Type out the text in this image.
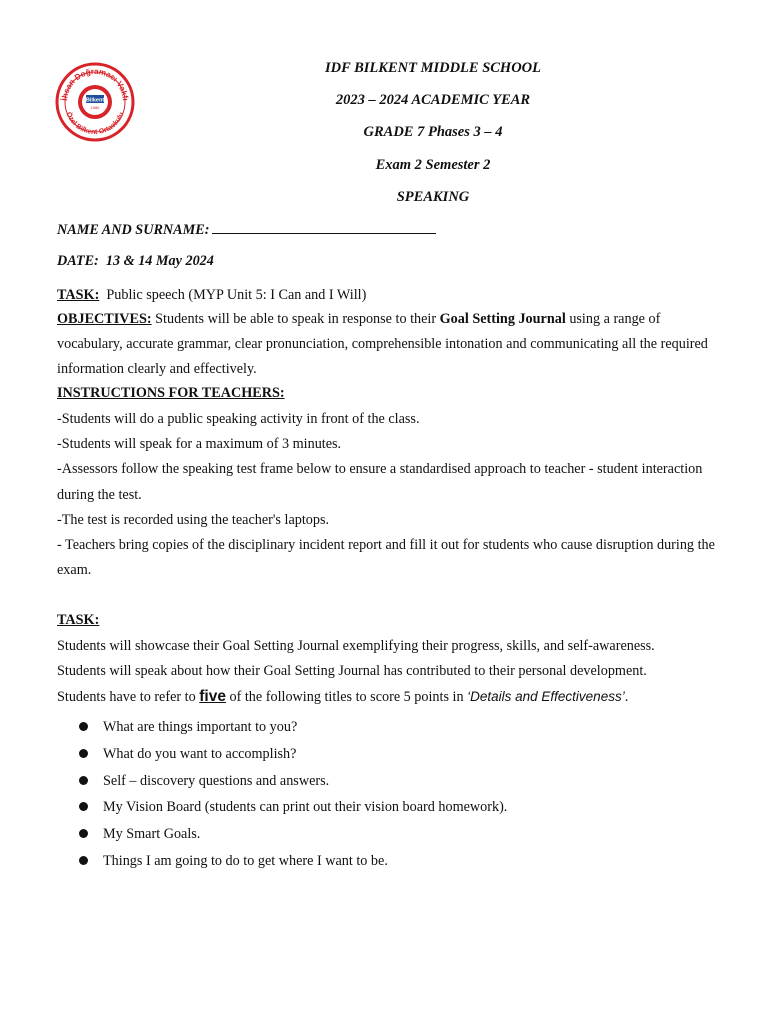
İhsan Doğramacı Vakfı
Özel Bilkent Ortaokulu
Bilkent
1986
IDF BILKENT MIDDLE SCHOOL
2023 – 2024 ACADEMIC YEAR
GRADE 7 Phases 3 – 4
Exam 2 Semester 2
SPEAKING
NAME AND SURNAME:
DATE: 13 & 14 May 2024
TASK: Public speech (MYP Unit 5: I Can and I Will)
OBJECTIVES: Students will be able to speak in response to their Goal Setting Journal using a range of vocabulary, accurate grammar, clear pronunciation, comprehensible intonation and communicating all the required information clearly and effectively.
INSTRUCTIONS FOR TEACHERS:
-Students will do a public speaking activity in front of the class.
-Students will speak for a maximum of 3 minutes.
-Assessors follow the speaking test frame below to ensure a standardised approach to teacher - student interaction during the test.
-The test is recorded using the teacher's laptops.
- Teachers bring copies of the disciplinary incident report and fill it out for students who cause disruption during the exam.
TASK:
Students will showcase their Goal Setting Journal exemplifying their progress, skills, and self-awareness.
Students will speak about how their Goal Setting Journal has contributed to their personal development.
Students have to refer to five of the following titles to score 5 points in ‘Details and Effectiveness’.
What are things important to you?
What do you want to accomplish?
Self – discovery questions and answers.
My Vision Board (students can print out their vision board homework).
My Smart Goals.
Things I am going to do to get where I want to be.
